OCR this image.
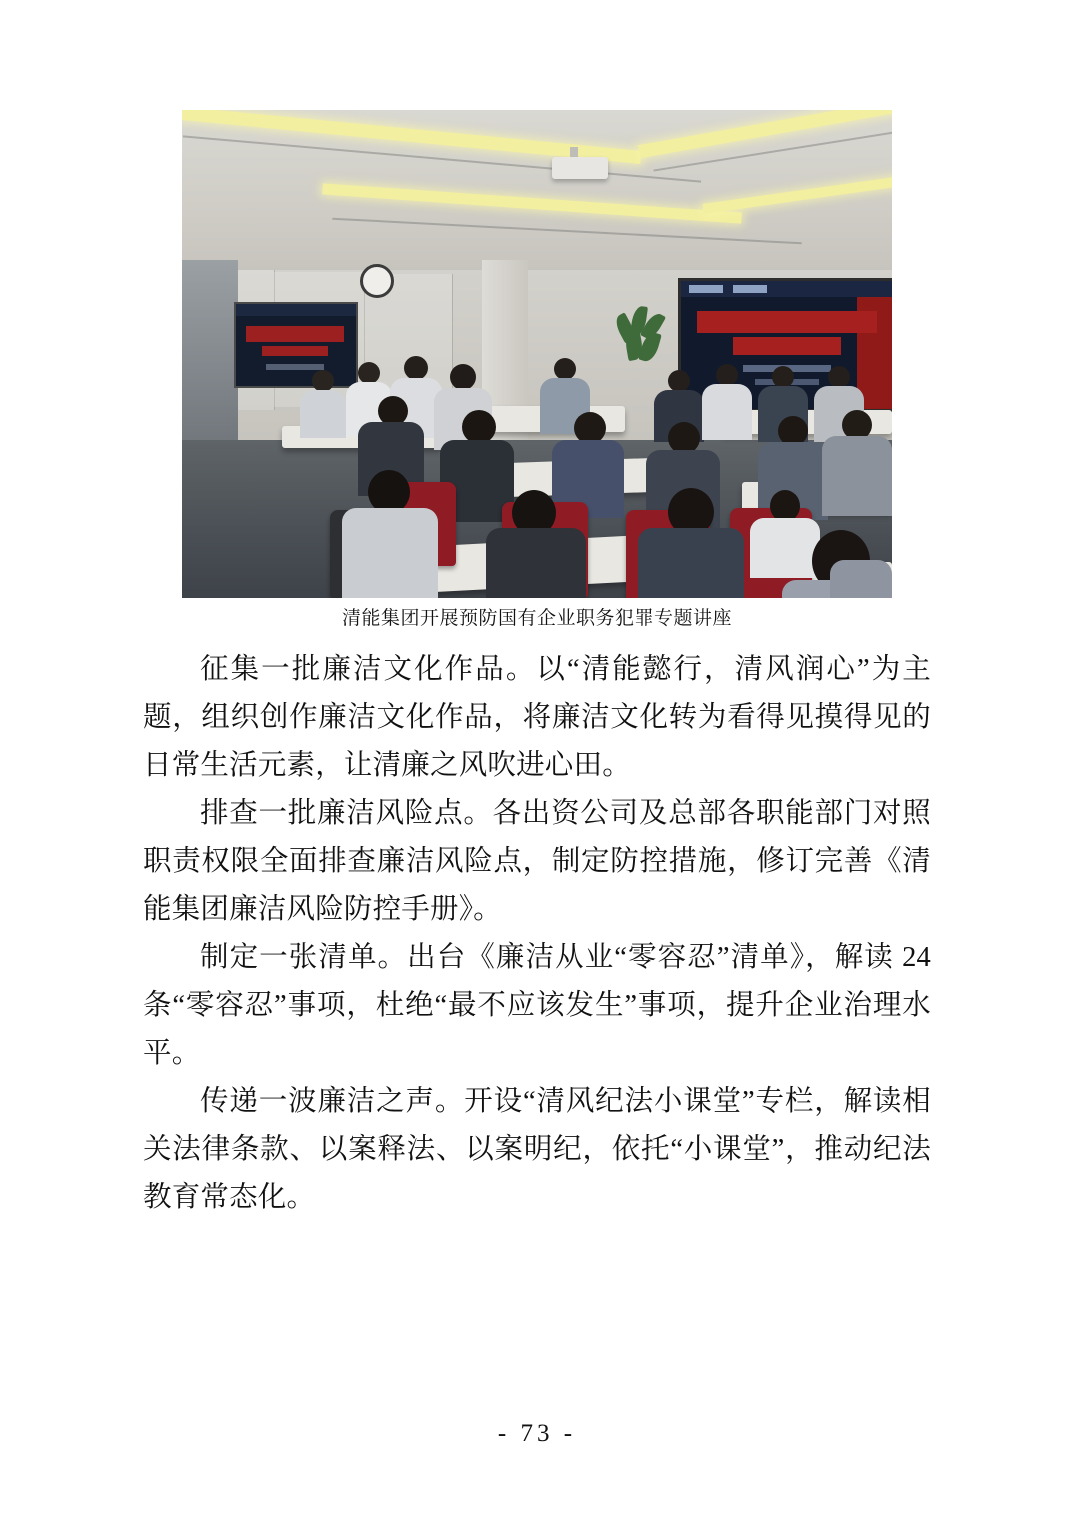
清能集团开展预防国有企业职务犯罪专题讲座

征集一批廉洁文化作品。以“清能懿行，清风润心”为主题，组织创作廉洁文化作品，将廉洁文化转为看得见摸得见的日常生活元素，让清廉之风吹进心田。

排查一批廉洁风险点。各出资公司及总部各职能部门对照职责权限全面排查廉洁风险点，制定防控措施，修订完善《清能集团廉洁风险防控手册》。

制定一张清单。出台《廉洁从业“零容忍”清单》，解读 24 条“零容忍”事项，杜绝“最不应该发生”事项，提升企业治理水平。

传递一波廉洁之声。开设“清风纪法小课堂”专栏，解读相关法律条款、以案释法、以案明纪，依托“小课堂”，推动纪法教育常态化。

- 73 -
